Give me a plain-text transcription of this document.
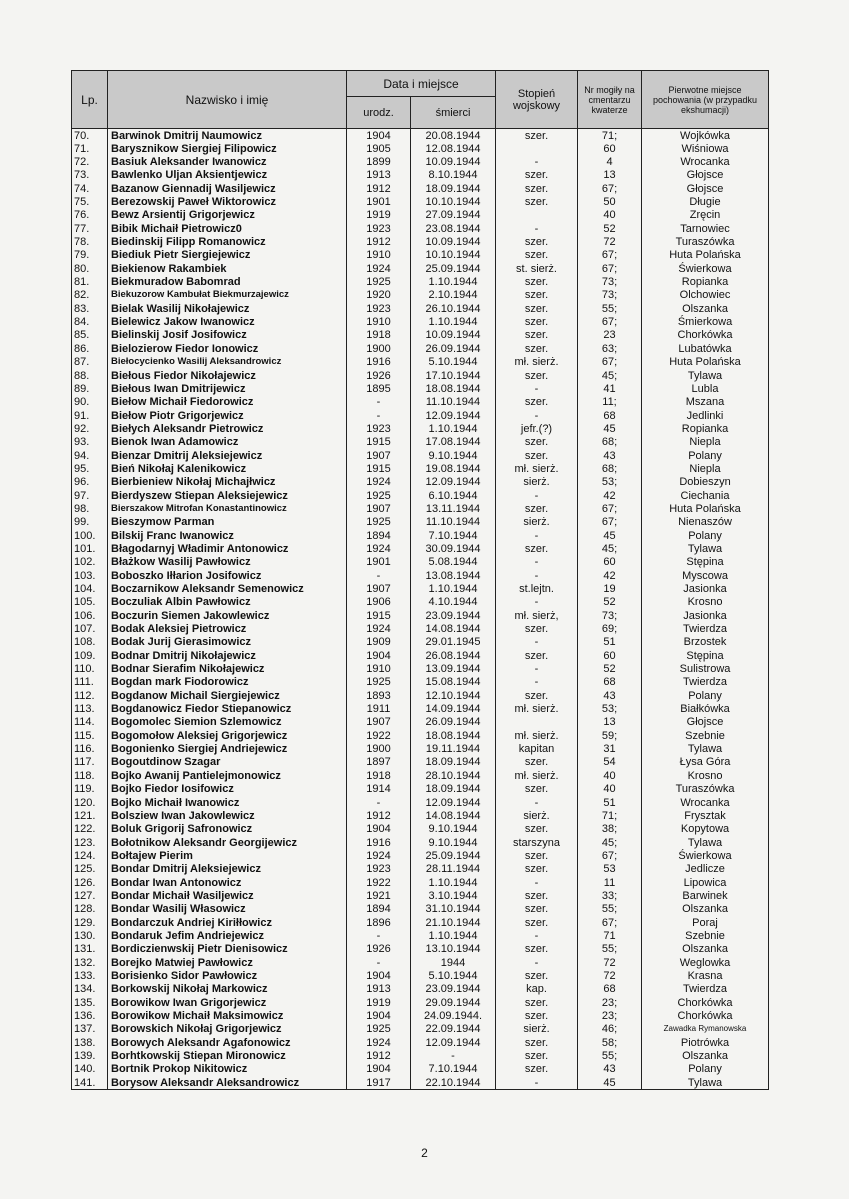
Lp.	Nazwisko i imię	Data i miejsce		Stopień wojskowy	Nr mogiły na cmentarzu kwaterze	Pierwotne miejsce pochowania (w przypadku ekshumacji)
		urodz.	śmierci			
70.	Barwinok Dmitrij Naumowicz	1904	20.08.1944	szer.	71;	Wojkówka
71.	Barysznikow Siergiej Filipowicz	1905	12.08.1944		60	Wiśniowa
72.	Basiuk Aleksander Iwanowicz	1899	10.09.1944	-	4	Wrocanka
73.	Bawlenko Uljan Aksientjewicz	1913	8.10.1944	szer.	13	Głojsce
74.	Bazanow Giennadij Wasiljewicz	1912	18.09.1944	szer.	67;	Głojsce
75.	Berezowskij Paweł Wiktorowicz	1901	10.10.1944	szer.	50	Długie
76.	Bewz Arsientij Grigorjewicz	1919	27.09.1944		40	Zręcin
77.	Bibik Michaił Pietrowicz0	1923	23.08.1944	-	52	Tarnowiec
78.	Biedinskij Filipp Romanowicz	1912	10.09.1944	szer.	72	Turaszówka
79.	Biediuk Pietr Siergiejewicz	1910	10.10.1944	szer.	67;	Huta Polańska
80.	Biekienow Rakambiek	1924	25.09.1944	st. sierż.	67;	Świerkowa
81.	Biekmuradow Babomrad	1925	1.10.1944	szer.	73;	Ropianka
82.	Biekuzorow Kambułat Biekmurzajewicz	1920	2.10.1944	szer.	73;	Olchowiec
83.	Bielak Wasilij Nikołajewicz	1923	26.10.1944	szer.	55;	Olszanka
84.	Bielewicz Jakow Iwanowicz	1910	1.10.1944	szer.	67;	Śmierkowa
85.	Bielinskij Josif Josifowicz	1918	10.09.1944	szer.	23	Chorkówka
86.	Bielozierow Fiedor Ionowicz	1900	26.09.1944	szer.	63;	Lubatówka
87.	Biełocycienko Wasilij Aleksandrowicz	1916	5.10.1944	mł. sierż.	67;	Huta Polańska
88.	Biełous Fiedor Nikołajewicz	1926	17.10.1944	szer.	45;	Tylawa
89.	Biełous Iwan Dmitrijewicz	1895	18.08.1944	-	41	Lubla
90.	Biełow Michaił Fiedorowicz	-	11.10.1944	szer.	11;	Mszana
91.	Biełow Piotr Grigorjewicz	-	12.09.1944	-	68	Jedlinki
92.	Biełych Aleksandr Pietrowicz	1923	1.10.1944	jefr.(?)	45	Ropianka
93.	Bienok Iwan Adamowicz	1915	17.08.1944	szer.	68;	Niepla
94.	Bienzar Dmitrij Aleksiejewicz	1907	9.10.1944	szer.	43	Polany
95.	Bień Nikołaj Kalenikowicz	1915	19.08.1944	mł. sierż.	68;	Niepla
96.	Bierbieniew Nikołaj Michajłwicz	1924	12.09.1944	sierż.	53;	Dobieszyn
97.	Bierdyszew Stiepan Aleksiejewicz	1925	6.10.1944	-	42	Ciechania
98.	Bierszakow Mitrofan Konastantinowicz	1907	13.11.1944	szer.	67;	Huta Polańska
99.	Bieszymow Parman	1925	11.10.1944	sierż.	67;	Nienaszów
100.	Bilskij Franc Iwanowicz	1894	7.10.1944	-	45	Polany
101.	Błagodarnyj Władimir Antonowicz	1924	30.09.1944	szer.	45;	Tylawa
102.	Błażkow Wasilij Pawłowicz	1901	5.08.1944	-	60	Stępina
103.	Boboszko Iłłarion Josifowicz	-	13.08.1944	-	42	Myscowa
104.	Boczarnikow Aleksandr Semenowicz	1907	1.10.1944	st.lejtn.	19	Jasionka
105.	Boczuliak Albin Pawłowicz	1906	4.10.1944	-	52	Krosno
106.	Boczurin Siemen Jakowlewicz	1915	23.09.1944	mł. sierż,	73;	Jasionka
107.	Bodak Aleksiej Pietrowicz	1924	14.08.1944	szer.	69;	Twierdza
108.	Bodak Jurij Gierasimowicz	1909	29.01.1945	-	51	Brzostek
109.	Bodnar Dmitrij Nikołajewicz	1904	26.08.1944	szer.	60	Stępina
110.	Bodnar Sierafim Nikołajewicz	1910	13.09.1944	-	52	Sulistrowa
111.	Bogdan mark Fiodorowicz	1925	15.08.1944	-	68	Twierdza
112.	Bogdanow Michail Siergiejewicz	1893	12.10.1944	szer.	43	Polany
113.	Bogdanowicz Fiedor Stiepanowicz	1911	14.09.1944	mł. sierż.	53;	Białkówka
114.	Bogomolec Siemion Szlemowicz	1907	26.09.1944		13	Głojsce
115.	Bogomołow Aleksiej Grigorjewicz	1922	18.08.1944	mł. sierż.	59;	Szebnie
116.	Bogonienko Siergiej Andriejewicz	1900	19.11.1944	kapitan	31	Tylawa
117.	Bogoutdinow Szagar	1897	18.09.1944	szer.	54	Łysa Góra
118.	Bojko Awanij Pantielejmonowicz	1918	28.10.1944	mł. sierż.	40	Krosno
119.	Bojko Fiedor Iosifowicz	1914	18.09.1944	szer.	40	Turaszówka
120.	Bojko Michaił Iwanowicz	-	12.09.1944	-	51	Wrocanka
121.	Bolsziew Iwan Jakowlewicz	1912	14.08.1944	sierż.	71;	Frysztak
122.	Boluk Grigorij Safronowicz	1904	9.10.1944	szer.	38;	Kopytowa
123.	Bołotnikow Aleksandr Georgijewicz	1916	9.10.1944	starszyna	45;	Tylawa
124.	Bołtajew Pierim	1924	25.09.1944	szer.	67;	Świerkowa
125.	Bondar Dmitrij Aleksiejewicz	1923	28.11.1944	szer.	53	Jedlicze
126.	Bondar Iwan Antonowicz	1922	1.10.1944	-	11	Lipowica
127.	Bondar Michaił Wasiljewicz	1921	3.10.1944	szer.	33;	Barwinek
128.	Bondar Wasilij Własowicz	1894	31.10.1944	szer.	55;	Olszanka
129.	Bondarczuk Andriej Kiriłłowicz	1896	21.10.1944	szer.	67;	Poraj
130.	Bondaruk Jefim Andriejewicz	-	1.10.1944	-	71	Szebnie
131.	Bordiczienwskij Pietr Dienisowicz	1926	13.10.1944	szer.	55;	Olszanka
132.	Borejko Matwiej Pawłowicz	-	1944	-	72	Weglowka
133.	Borisienko Sidor Pawłowicz	1904	5.10.1944	szer.	72	Krasna
134.	Borkowskij Nikołaj Markowicz	1913	23.09.1944	kap.	68	Twierdza
135.	Borowikow Iwan Grigorjewicz	1919	29.09.1944	szer.	23;	Chorkówka
136.	Borowikow Michaił Maksimowicz	1904	24.09.1944.	szer.	23;	Chorkówka
137.	Borowskich Nikołaj Grigorjewicz	1925	22.09.1944	sierż.	46;	Zawadka Rymanowska
138.	Borowych Aleksandr Agafonowicz	1924	12.09.1944	szer.	58;	Piotrówka
139.	Borhtkowskij Stiepan Mironowicz	1912	-	szer.	55;	Olszanka
140.	Bortnik Prokop Nikitowicz	1904	7.10.1944	szer.	43	Polany
141.	Borysow Aleksandr Aleksandrowicz	1917	22.10.1944	-	45	Tylawa
2
